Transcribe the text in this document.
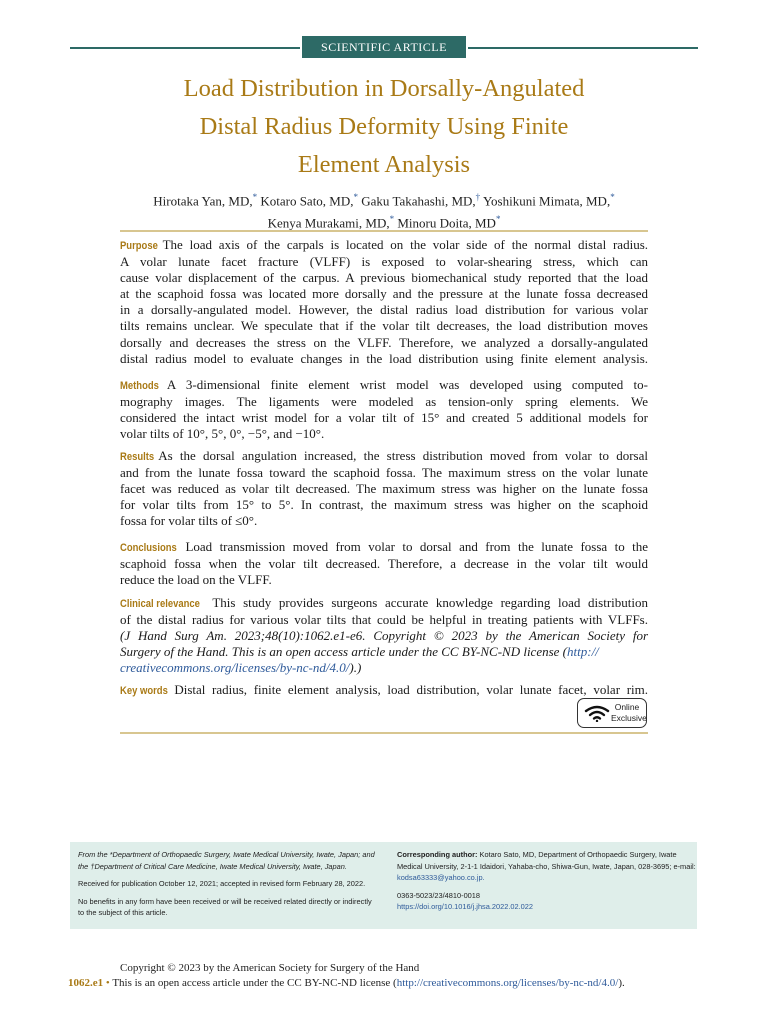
SCIENTIFIC ARTICLE
Load Distribution in Dorsally-Angulated
Distal Radius Deformity Using Finite
Element Analysis
Hirotaka Yan, MD,* Kotaro Sato, MD,* Gaku Takahashi, MD,† Yoshikuni Mimata, MD,*
Kenya Murakami, MD,* Minoru Doita, MD*
Purpose The load axis of the carpals is located on the volar side of the normal distal radius.
A volar lunate facet fracture (VLFF) is exposed to volar-shearing stress, which can
cause volar displacement of the carpus. A previous biomechanical study reported that the load
at the scaphoid fossa was located more dorsally and the pressure at the lunate fossa decreased
in a dorsally-angulated model. However, the distal radius load distribution for various volar
tilts remains unclear. We speculate that if the volar tilt decreases, the load distribution moves
dorsally and decreases the stress on the VLFF. Therefore, we analyzed a dorsally-angulated
distal radius model to evaluate changes in the load distribution using finite element analysis.
Methods A 3-dimensional finite element wrist model was developed using computed to-
mography images. The ligaments were modeled as tension-only spring elements. We
considered the intact wrist model for a volar tilt of 15° and created 5 additional models for
volar tilts of 10°, 5°, 0°, −5°, and −10°.
Results As the dorsal angulation increased, the stress distribution moved from volar to dorsal
and from the lunate fossa toward the scaphoid fossa. The maximum stress on the volar lunate
facet was reduced as volar tilt decreased. The maximum stress was higher on the lunate fossa
for volar tilts from 15° to 5°. In contrast, the maximum stress was higher on the scaphoid
fossa for volar tilts of ≤0°.
Conclusions Load transmission moved from volar to dorsal and from the lunate fossa to the
scaphoid fossa when the volar tilt decreased. Therefore, a decrease in the volar tilt would
reduce the load on the VLFF.
Clinical relevance This study provides surgeons accurate knowledge regarding load distribution
of the distal radius for various volar tilts that could be helpful in treating patients with VLFFs.
(J Hand Surg Am. 2023;48(10):1062.e1-e6. Copyright © 2023 by the American Society for
Surgery of the Hand. This is an open access article under the CC BY-NC-ND license (http://
creativecommons.org/licenses/by-nc-nd/4.0/).)
Key words Distal radius, finite element analysis, load distribution, volar lunate facet, volar rim.
Online
Exclusive
From the *Department of Orthopaedic Surgery, Iwate Medical University, Iwate, Japan; and
the †Department of Critical Care Medicine, Iwate Medical University, Iwate, Japan.
Received for publication October 12, 2021; accepted in revised form February 28, 2022.
No benefits in any form have been received or will be received related directly or indirectly
to the subject of this article.
Corresponding author: Kotaro Sato, MD, Department of Orthopaedic Surgery, Iwate
Medical University, 2-1-1 Idaidori, Yahaba-cho, Shiwa-Gun, Iwate, Japan, 028-3695; e-mail:
kodsa63333@yahoo.co.jp.
0363-5023/23/4810-0018
https://doi.org/10.1016/j.jhsa.2022.02.022
Copyright © 2023 by the American Society for Surgery of the Hand
1062.e1 • This is an open access article under the CC BY-NC-ND license (http://creativecommons.org/licenses/by-nc-nd/4.0/).
